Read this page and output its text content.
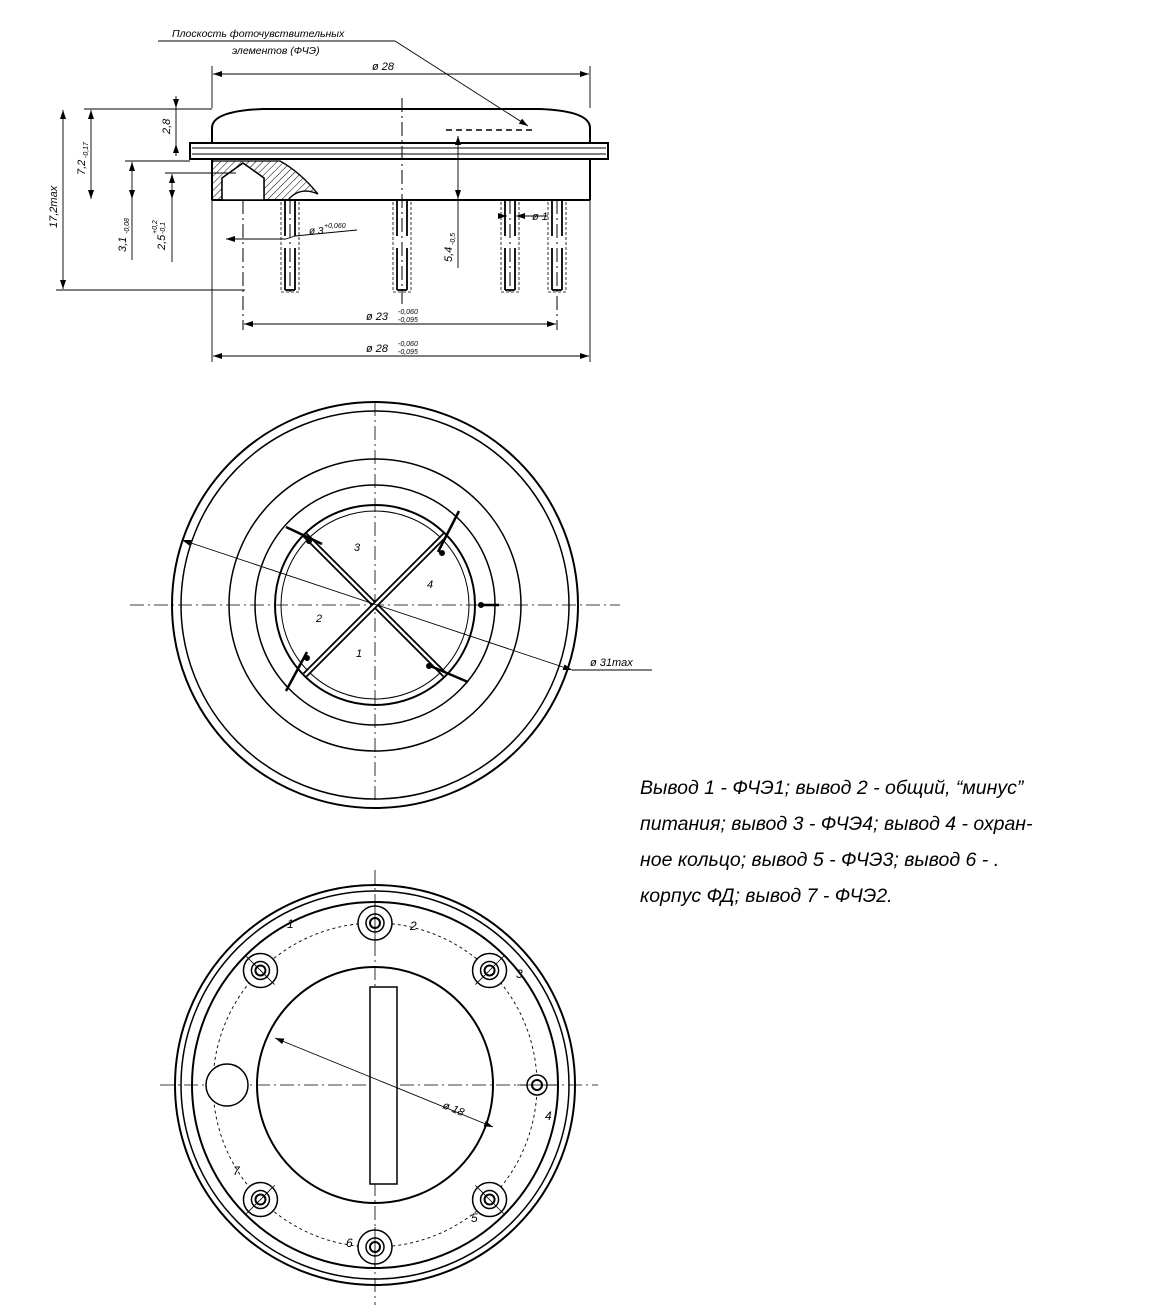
Плоскость фоточувствительных
элементов (ФЧЭ)
ø 28
2,8
7,2
-0,17
17,2max
3,1
-0,08
2,5
+0,2 -0,1	ø 3 +0,060
5,4
-0,5
ø 1
ø 23 -0,060
-0,095
ø 28 -0,060
-0,095
1
2
3
4
ø 31max
1	2
3
4
5
6
7
ø 18
Вывод 1 - ФЧЭ1; вывод 2 - общий, “минус”
питания; вывод 3 - ФЧЭ4; вывод 4 - охран-
ное кольцо; вывод 5 - ФЧЭ3; вывод 6 - .
корпус ФД; вывод 7 - ФЧЭ2.
